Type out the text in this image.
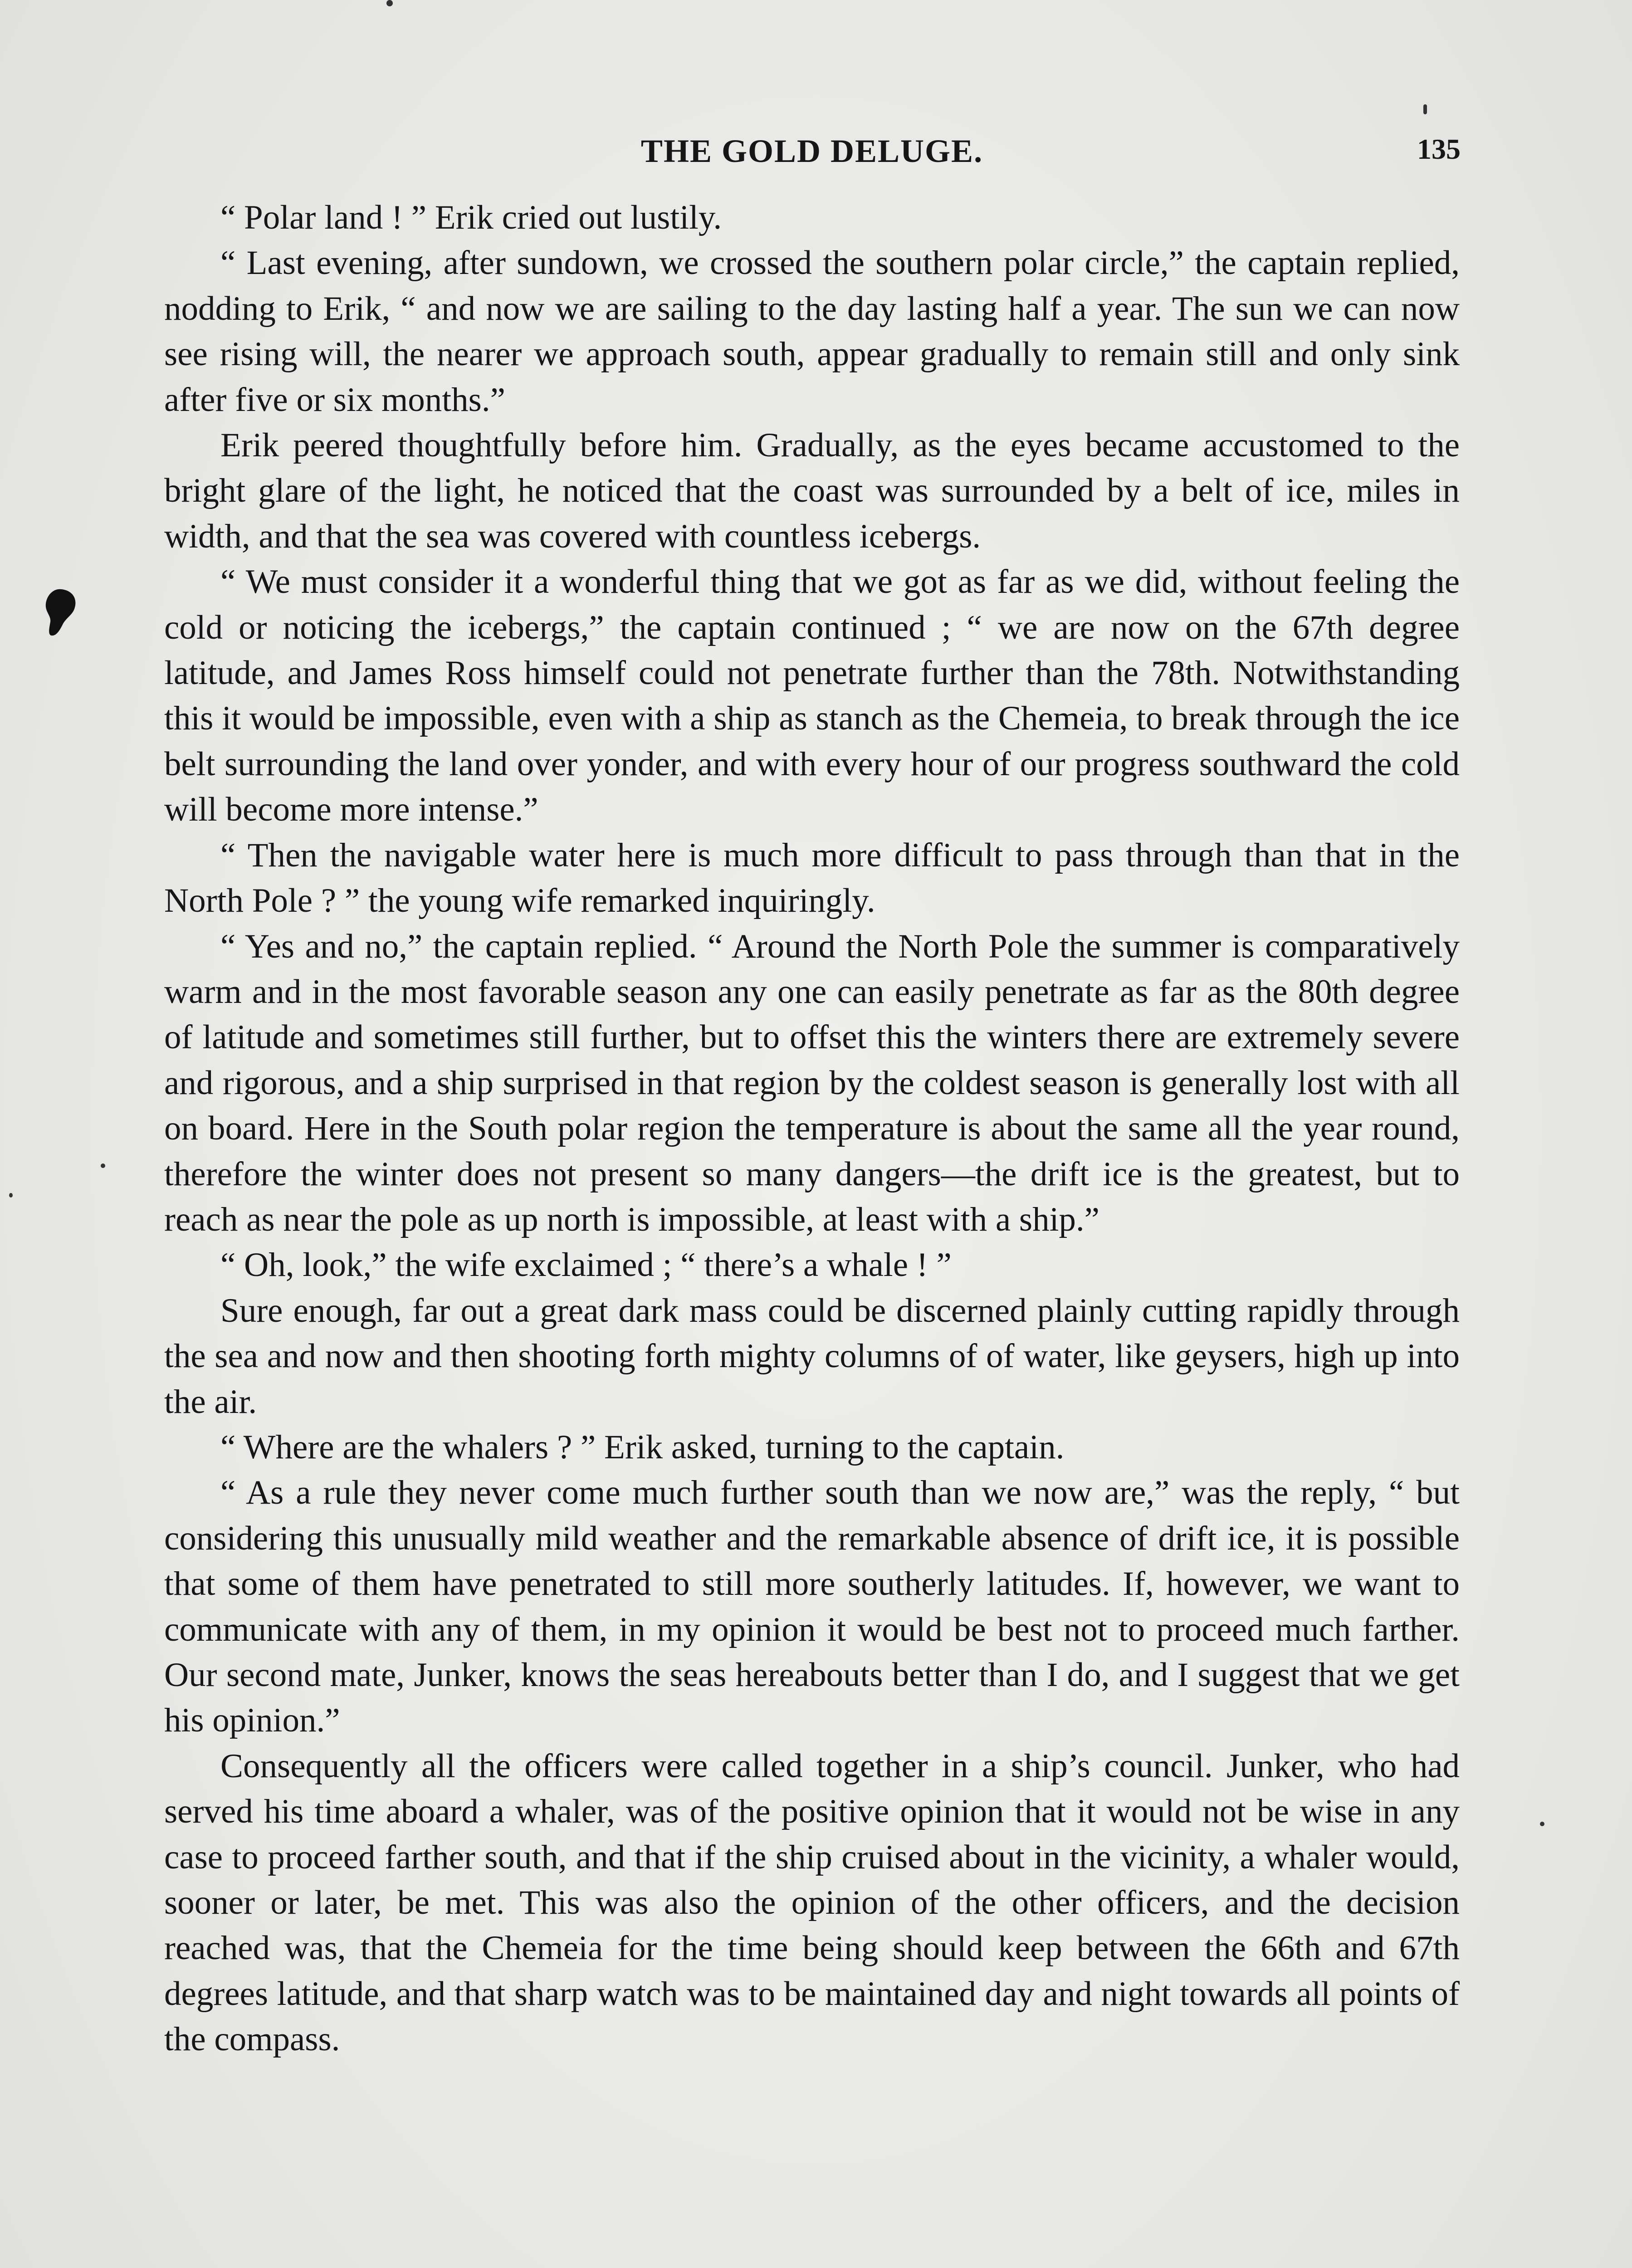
THE GOLD DELUGE.	135

“ Polar land ! ” Erik cried out lustily.

“ Last evening, after sundown, we crossed the southern polar circle,” the captain replied, nodding to Erik, “ and now we are sailing to the day lasting half a year. The sun we can now see rising will, the nearer we approach south, appear gradually to remain still and only sink after five or six months.”

Erik peered thoughtfully before him. Gradually, as the eyes became accustomed to the bright glare of the light, he noticed that the coast was surrounded by a belt of ice, miles in width, and that the sea was covered with countless icebergs.

“ We must consider it a wonderful thing that we got as far as we did, without feeling the cold or noticing the icebergs,” the captain continued ; “ we are now on the 67th degree latitude, and James Ross himself could not penetrate further than the 78th. Notwithstanding this it would be impossible, even with a ship as stanch as the Chemeia, to break through the ice belt surrounding the land over yonder, and with every hour of our progress southward the cold will become more intense.”

“ Then the navigable water here is much more difficult to pass through than that in the North Pole ? ” the young wife remarked inquiringly.

“ Yes and no,” the captain replied. “ Around the North Pole the summer is comparatively warm and in the most favorable season any one can easily penetrate as far as the 80th degree of latitude and sometimes still further, but to offset this the winters there are extremely severe and rigorous, and a ship surprised in that region by the coldest season is generally lost with all on board. Here in the South polar region the temperature is about the same all the year round, therefore the winter does not present so many dangers—the drift ice is the greatest, but to reach as near the pole as up north is impossible, at least with a ship.”

“ Oh, look,” the wife exclaimed ; “ there’s a whale ! ”

Sure enough, far out a great dark mass could be discerned plainly cutting rapidly through the sea and now and then shooting forth mighty columns of of water, like geysers, high up into the air.

“ Where are the whalers ? ” Erik asked, turning to the captain.

“ As a rule they never come much further south than we now are,” was the reply, “ but considering this unusually mild weather and the remarkable absence of drift ice, it is possible that some of them have penetrated to still more southerly latitudes. If, however, we want to communicate with any of them, in my opinion it would be best not to proceed much farther. Our second mate, Junker, knows the seas hereabouts better than I do, and I suggest that we get his opinion.”

Consequently all the officers were called together in a ship’s council. Junker, who had served his time aboard a whaler, was of the positive opinion that it would not be wise in any case to proceed farther south, and that if the ship cruised about in the vicinity, a whaler would, sooner or later, be met. This was also the opinion of the other officers, and the decision reached was, that the Chemeia for the time being should keep between the 66th and 67th degrees latitude, and that sharp watch was to be maintained day and night towards all points of the compass.
